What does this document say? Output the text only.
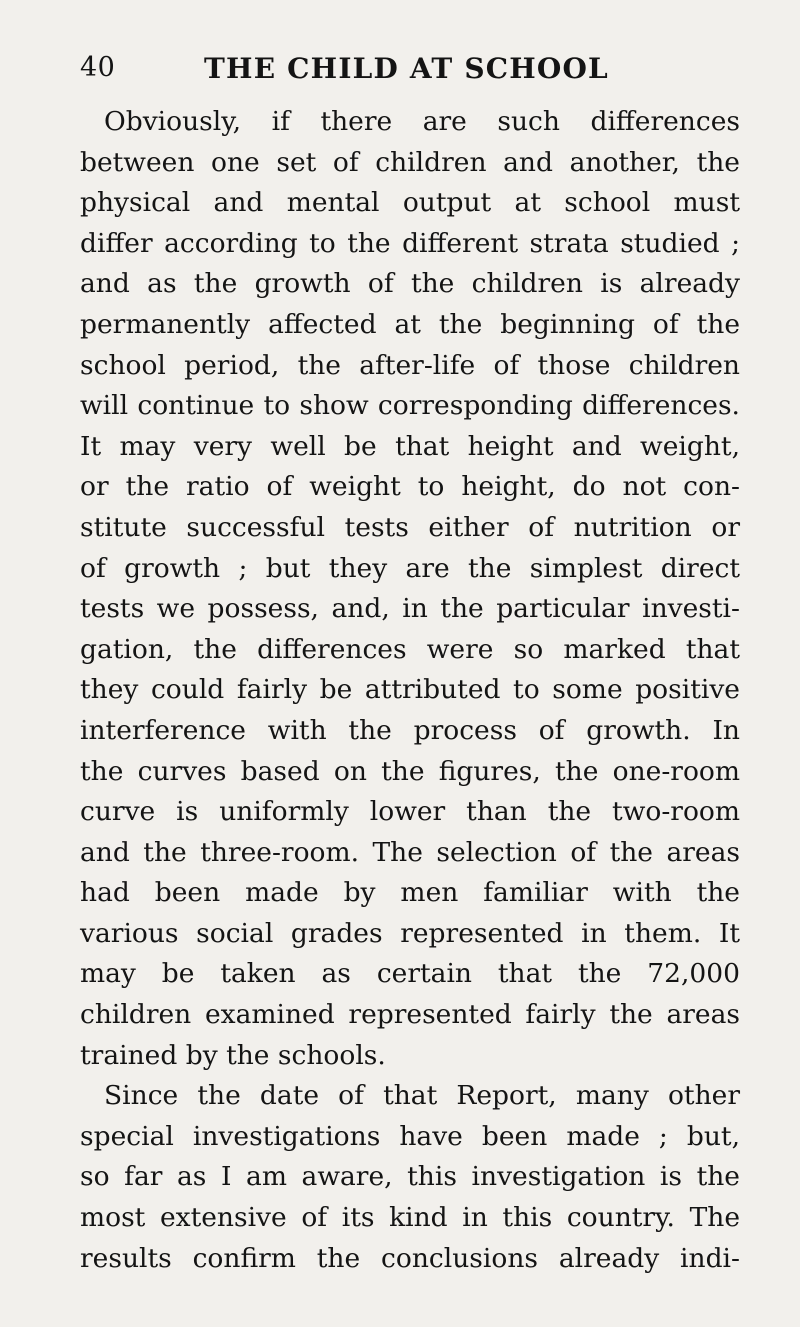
40	THE CHILD AT SCHOOL
Obviously, if there are such differences
between one set of children and another, the
physical and mental output at school must
differ according to the different strata studied ;
and as the growth of the children is already
permanently affected at the beginning of the
school period, the after-life of those children
will continue to show corresponding differences.
It may very well be that height and weight,
or the ratio of weight to height, do not con-
stitute successful tests either of nutrition or
of growth ; but they are the simplest direct
tests we possess, and, in the particular investi-
gation, the differences were so marked that
they could fairly be attributed to some positive
interference with the process of growth. In
the curves based on the figures, the one-room
curve is uniformly lower than the two-room
and the three-room. The selection of the areas
had been made by men familiar with the
various social grades represented in them. It
may be taken as certain that the 72,000
children examined represented fairly the areas
trained by the schools.
Since the date of that Report, many other
special investigations have been made ; but,
so far as I am aware, this investigation is the
most extensive of its kind in this country. The
results confirm the conclusions already indi-
